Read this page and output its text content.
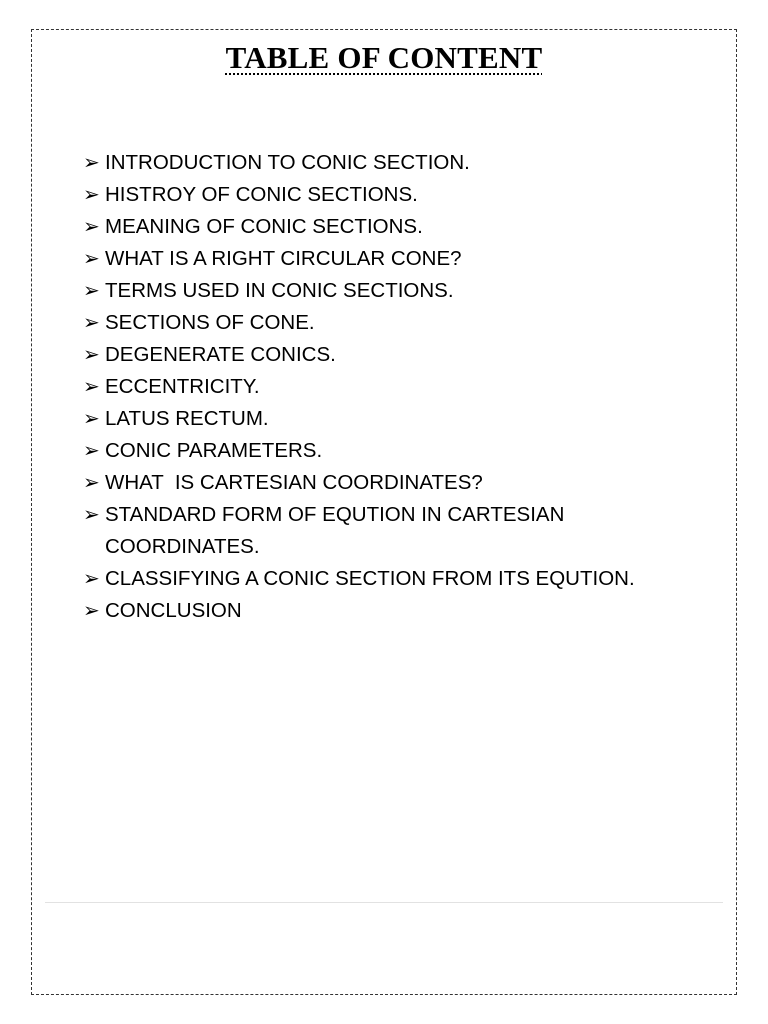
TABLE OF CONTENT
➢ INTRODUCTION TO CONIC SECTION.
➢ HISTROY OF CONIC SECTIONS.
➢ MEANING OF CONIC SECTIONS.
➢ WHAT IS A RIGHT CIRCULAR CONE?
➢ TERMS USED IN CONIC SECTIONS.
➢ SECTIONS OF CONE.
➢ DEGENERATE CONICS.
➢ ECCENTRICITY.
➢ LATUS RECTUM.
➢ CONIC PARAMETERS.
➢ WHAT  IS CARTESIAN COORDINATES?
➢ STANDARD FORM OF EQUTION IN CARTESIAN COORDINATES.
➢ CLASSIFYING A CONIC SECTION FROM ITS EQUTION.
➢ CONCLUSION
